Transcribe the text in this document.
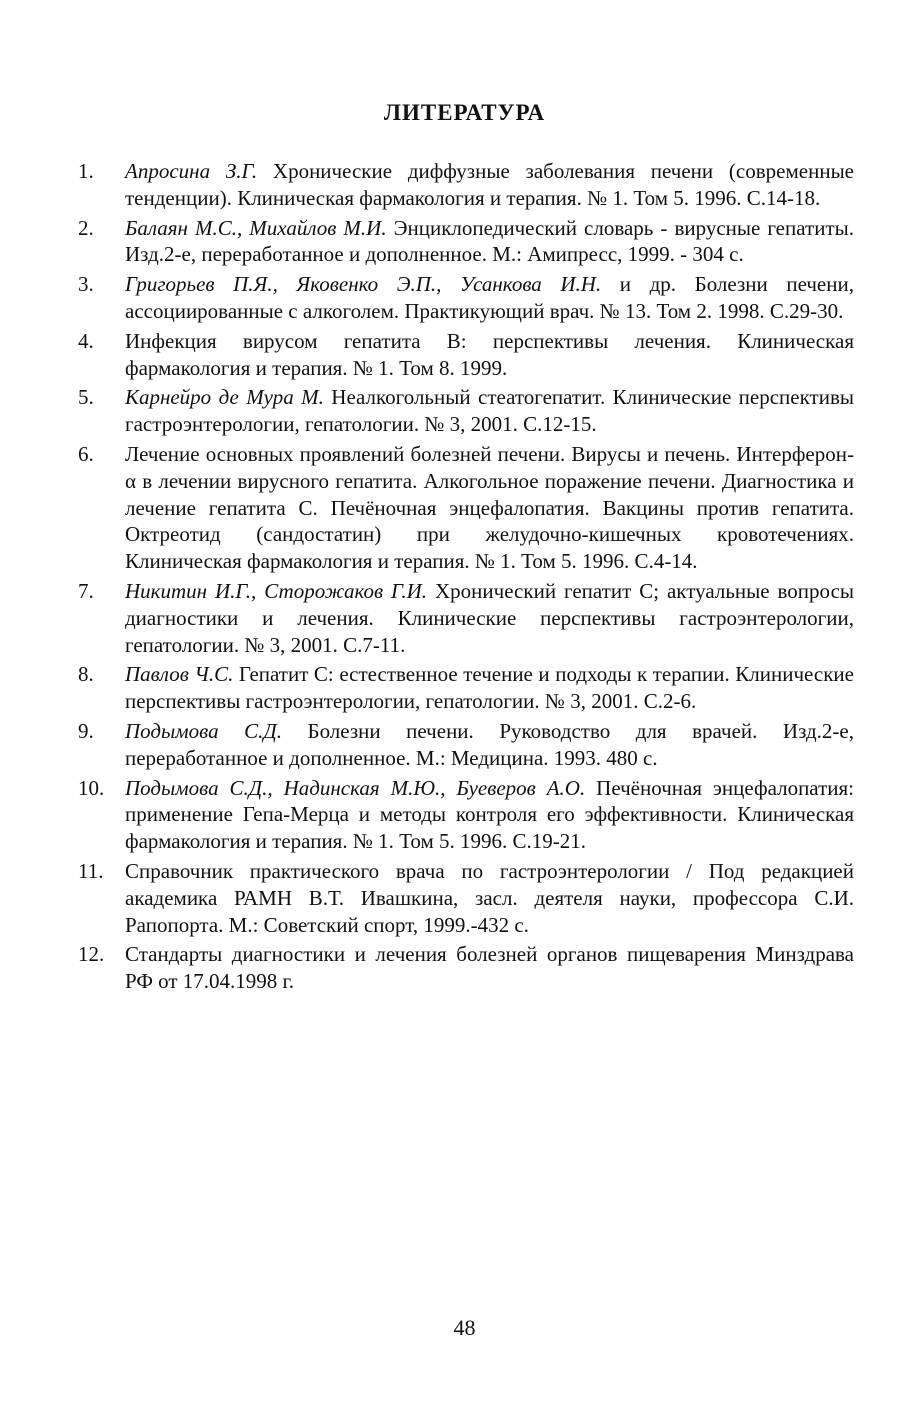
ЛИТЕРАТУРА
1.	Апросина З.Г. Хронические диффузные заболевания печени (современные тенденции). Клиническая фармакология и терапия. № 1. Том 5. 1996. С.14-18.
2.	Балаян М.С., Михайлов М.И. Энциклопедический словарь - вирусные гепатиты. Изд.2-е, переработанное и дополненное. М.: Амипресс, 1999. - 304 с.
3.	Григорьев П.Я., Яковенко Э.П., Усанкова И.Н. и др. Болезни печени, ассоциированные с алкоголем. Практикующий врач. № 13. Том 2. 1998. С.29-30.
4.	Инфекция вирусом гепатита В: перспективы лечения. Клиническая фармакология и терапия. № 1. Том 8. 1999.
5.	Карнейро де Мура М. Неалкогольный стеатогепатит. Клинические перспективы гастроэнтерологии, гепатологии. № 3, 2001. С.12-15.
6.	Лечение основных проявлений болезней печени. Вирусы и печень. Интерферон-α в лечении вирусного гепатита. Алкогольное поражение печени. Диагностика и лечение гепатита С. Печёночная энцефалопатия. Вакцины против гепатита. Октреотид (сандостатин) при желудочно-кишечных кровотечениях. Клиническая фармакология и терапия. № 1. Том 5. 1996. С.4-14.
7.	Никитин И.Г., Сторожаков Г.И. Хронический гепатит С; актуальные вопросы диагностики и лечения. Клинические перспективы гастроэнтерологии, гепатологии. № 3, 2001. С.7-11.
8.	Павлов Ч.С. Гепатит С: естественное течение и подходы к терапии. Клинические перспективы гастроэнтерологии, гепатологии. № 3, 2001. С.2-6.
9.	Подымова С.Д. Болезни печени. Руководство для врачей. Изд.2-е, переработанное и дополненное. М.: Медицина. 1993. 480 с.
10. Подымова С.Д., Надинская М.Ю., Буеверов А.О. Печёночная энцефалопатия: применение Гепа-Мерца и методы контроля его эффективности. Клиническая фармакология и терапия. № 1. Том 5. 1996. С.19-21.
11.	Справочник практического врача по гастроэнтерологии / Под редакцией академика РАМН В.Т. Ивашкина, засл. деятеля науки, профессора С.И. Рапопорта. М.: Советский спорт, 1999.-432 с.
12. Стандарты диагностики и лечения болезней органов пищеварения Минздрава РФ от 17.04.1998 г.
48
